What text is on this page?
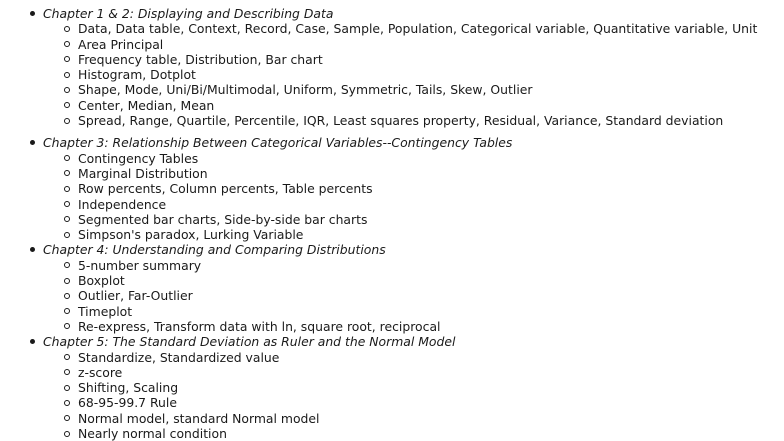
Chapter 1 & 2: Displaying and Describing Data
Data, Data table, Context, Record, Case, Sample, Population, Categorical variable, Quantitative variable, Unit
Area Principal
Frequency table, Distribution, Bar chart
Histogram, Dotplot
Shape, Mode, Uni/Bi/Multimodal, Uniform, Symmetric, Tails, Skew, Outlier
Center, Median, Mean
Spread, Range, Quartile, Percentile, IQR, Least squares property, Residual, Variance, Standard deviation
Chapter 3: Relationship Between Categorical Variables--Contingency Tables
Contingency Tables
Marginal Distribution
Row percents, Column percents, Table percents
Independence
Segmented bar charts, Side-by-side bar charts
Simpson's paradox, Lurking Variable
Chapter 4: Understanding and Comparing Distributions
5-number summary
Boxplot
Outlier, Far-Outlier
Timeplot
Re-express, Transform data with ln, square root, reciprocal
Chapter 5: The Standard Deviation as Ruler and the Normal Model
Standardize, Standardized value
z-score
Shifting, Scaling
68-95-99.7 Rule
Normal model, standard Normal model
Nearly normal condition
